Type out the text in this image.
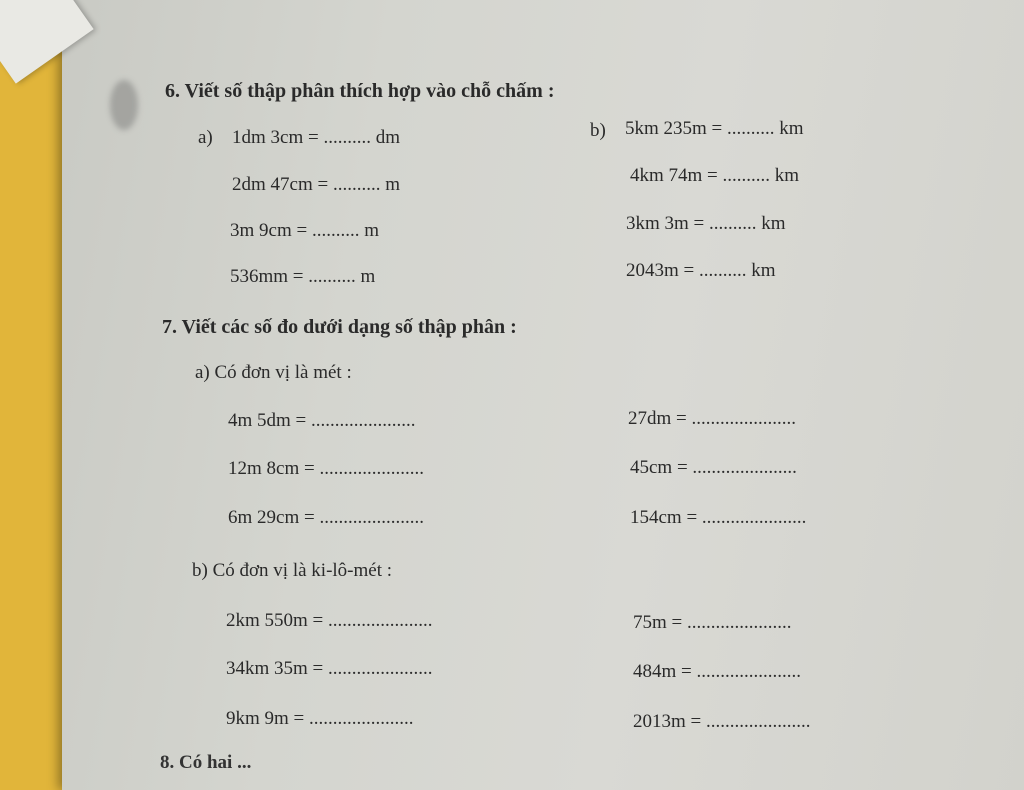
6. Viết số thập phân thích hợp vào chỗ chấm :
a)	b)
1dm 3cm = .......... dm
2dm 47cm = .......... m
3m 9cm = .......... m
536mm = .......... m
5km 235m = .......... km
4km 74m = .......... km
3km 3m = .......... km
2043m = .......... km
7. Viết các số đo dưới dạng số thập phân :
a) Có đơn vị là mét :
4m 5dm = ......................
12m 8cm = ......................
6m 29cm = ......................
27dm = ......................
45cm = ......................
154cm = ......................
b) Có đơn vị là ki-lô-mét :
2km 550m = ......................
34km 35m = ......................
9km 9m = ......................
75m = ......................
484m = ......................
2013m = ......................
8. Có hai ...
